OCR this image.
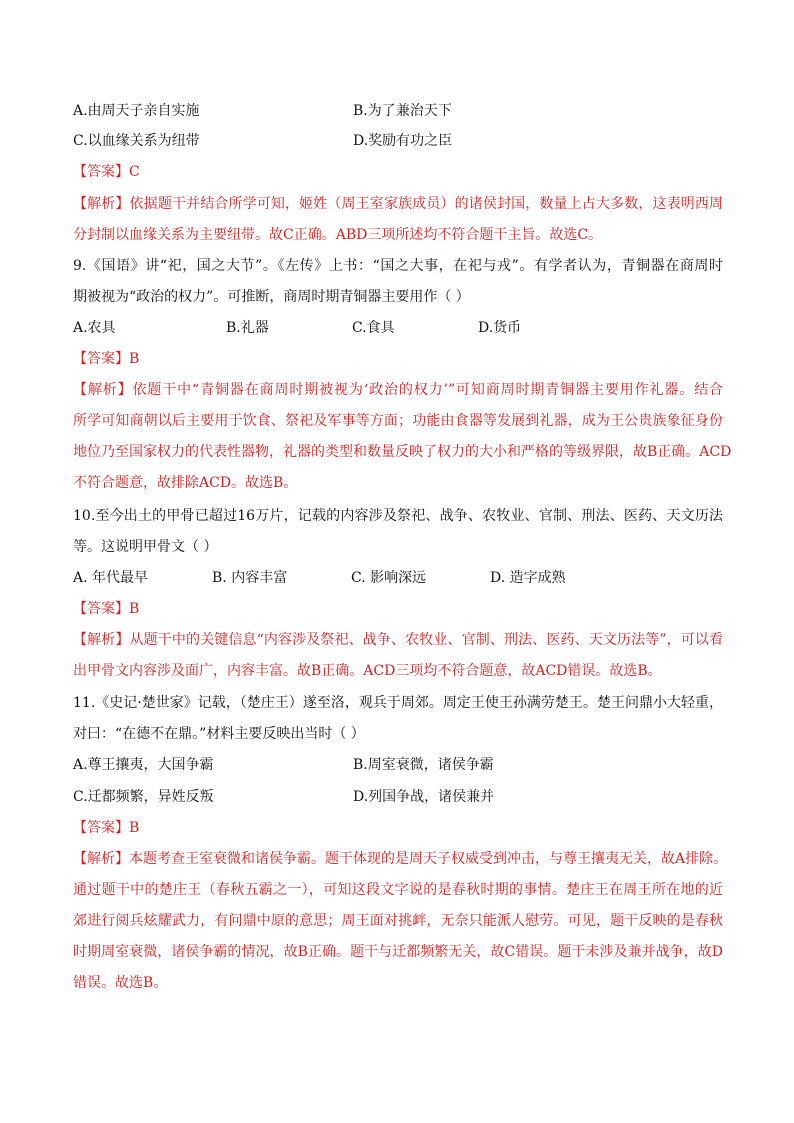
A.由周天子亲自实施	B.为了兼治天下
C.以血缘关系为纽带	D.奖励有功之臣
【答案】C
【解析】依据题干并结合所学可知，姬姓（周王室家族成员）的诸侯封国，数量上占大多数，这表明西周
分封制以血缘关系为主要纽带。故C正确。ABD三项所述均不符合题干主旨。故选C。
9.《国语》讲“祀，国之大节”。《左传》上书：“国之大事，在祀与戎”。有学者认为，青铜器在商周时
期被视为“政治的权力”。可推断，商周时期青铜器主要用作（ ）
A.农具	B.礼器	C.食具	D.货币
【答案】B
【解析】依题干中“青铜器在商周时期被视为‘政治的权力’”可知商周时期青铜器主要用作礼器。结合
所学可知商朝以后主要用于饮食、祭祀及军事等方面；功能由食器等发展到礼器，成为王公贵族象征身份
地位乃至国家权力的代表性器物，礼器的类型和数量反映了权力的大小和严格的等级界限，故B正确。ACD
不符合题意，故排除ACD。故选B。
10.至今出土的甲骨已超过16万片，记载的内容涉及祭祀、战争、农牧业、官制、刑法、医药、天文历法
等。这说明甲骨文（ ）
A. 年代最早	B. 内容丰富	C. 影响深远	D. 造字成熟
【答案】B
【解析】从题干中的关键信息“内容涉及祭祀、战争、农牧业、官制、刑法、医药、天文历法等”，可以看
出甲骨文内容涉及面广，内容丰富。故B正确。ACD三项均不符合题意，故ACD错误。故选B。
11.《史记·楚世家》记载，（楚庄王）遂至洛，观兵于周郊。周定王使王孙满劳楚王。楚王问鼎小大轻重，
对曰：“在德不在鼎。”材料主要反映出当时（ ）
A.尊王攘夷，大国争霸	B.周室衰微，诸侯争霸
C.迁都频繁，异姓反叛	D.列国争战，诸侯兼并
【答案】B
【解析】本题考查王室衰微和诸侯争霸。题干体现的是周天子权威受到冲击，与尊王攘夷无关，故A排除。
通过题干中的楚庄王（春秋五霸之一），可知这段文字说的是春秋时期的事情。楚庄王在周王所在地的近
郊进行阅兵炫耀武力，有问鼎中原的意思；周王面对挑衅，无奈只能派人慰劳。可见，题干反映的是春秋
时期周室衰微，诸侯争霸的情况，故B正确。题干与迁都频繁无关，故C错误。题干未涉及兼并战争，故D
错误。故选B。
